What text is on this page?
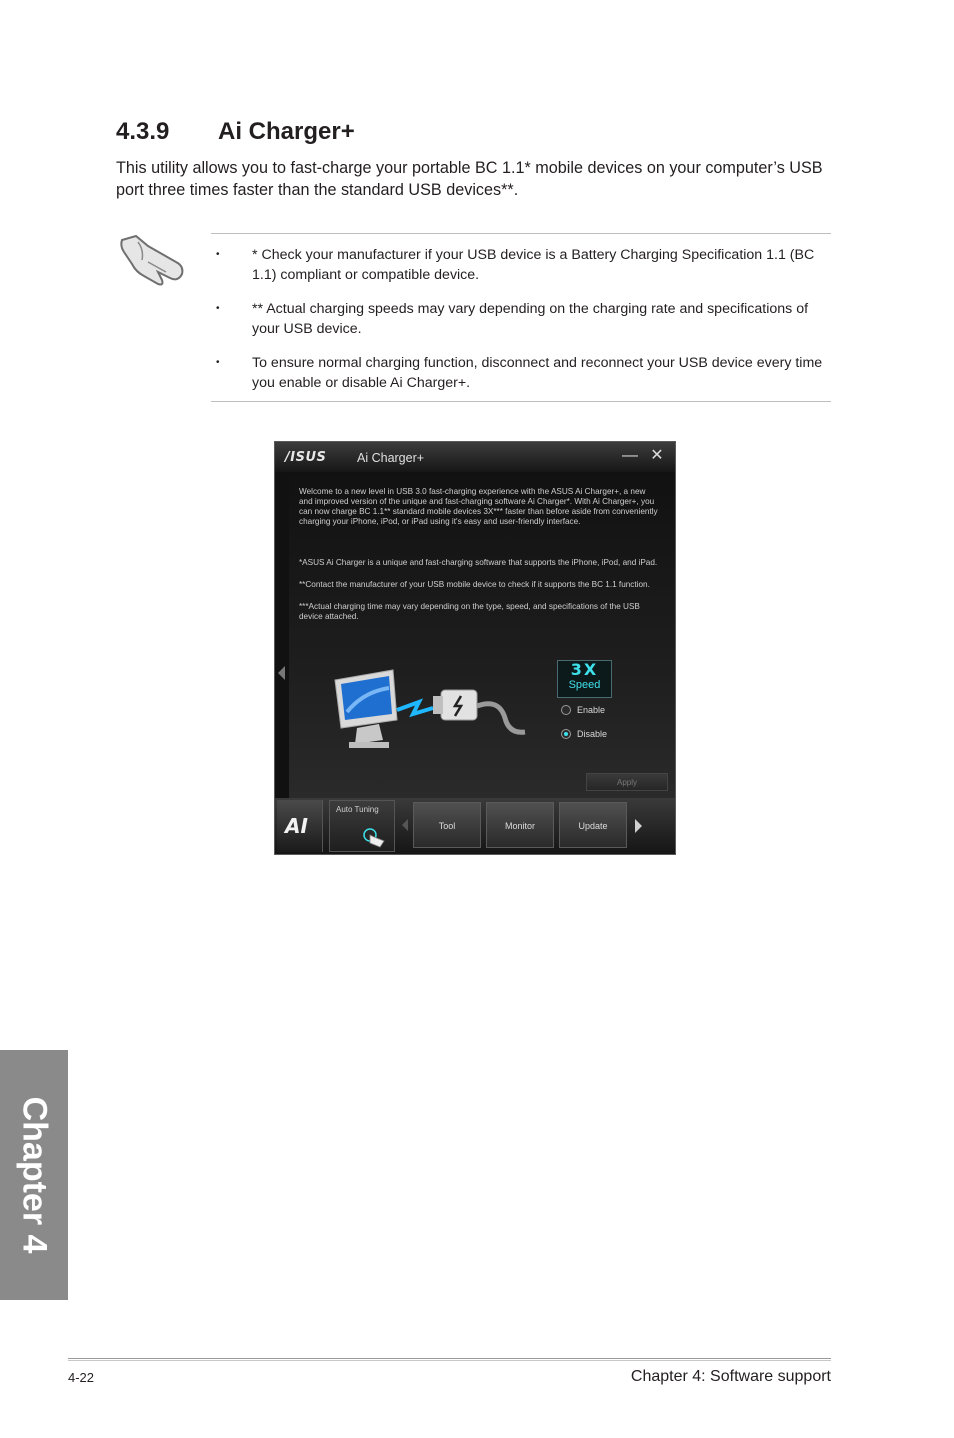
4.3.9	Ai Charger+

This utility allows you to fast-charge your portable BC 1.1* mobile devices on your computer’s USB port three times faster than the standard USB devices**.

• * Check your manufacturer if your USB device is a Battery Charging Specification 1.1 (BC 1.1) compliant or compatible device.
• ** Actual charging speeds may vary depending on the charging rate and specifications of your USB device.
• To ensure normal charging function, disconnect and reconnect your USB device every time you enable or disable Ai Charger+.
/ISUS Ai Charger+	— ✕

Welcome to a new level in USB 3.0 fast-charging experience with the ASUS Ai Charger+, a new and improved version of the unique and fast-charging software Ai Charger*. With Ai Charger+, you can now charge BC 1.1** standard mobile devices 3X*** faster than before aside from conveniently charging your iPhone, iPod, or iPad using it's easy and user-friendly interface.

*ASUS Ai Charger is a unique and fast-charging software that supports the iPhone, iPod, and iPad.

**Contact the manufacturer of your USB mobile device to check if it supports the BC 1.1 function.

***Actual charging time may vary depending on the type, speed, and specifications of the USB device attached.

3X
Speed
Enable
Disable
Apply
AI
Auto Tuning
Tool	Monitor	Update
Chapter 4
4-22	Chapter 4: Software support
